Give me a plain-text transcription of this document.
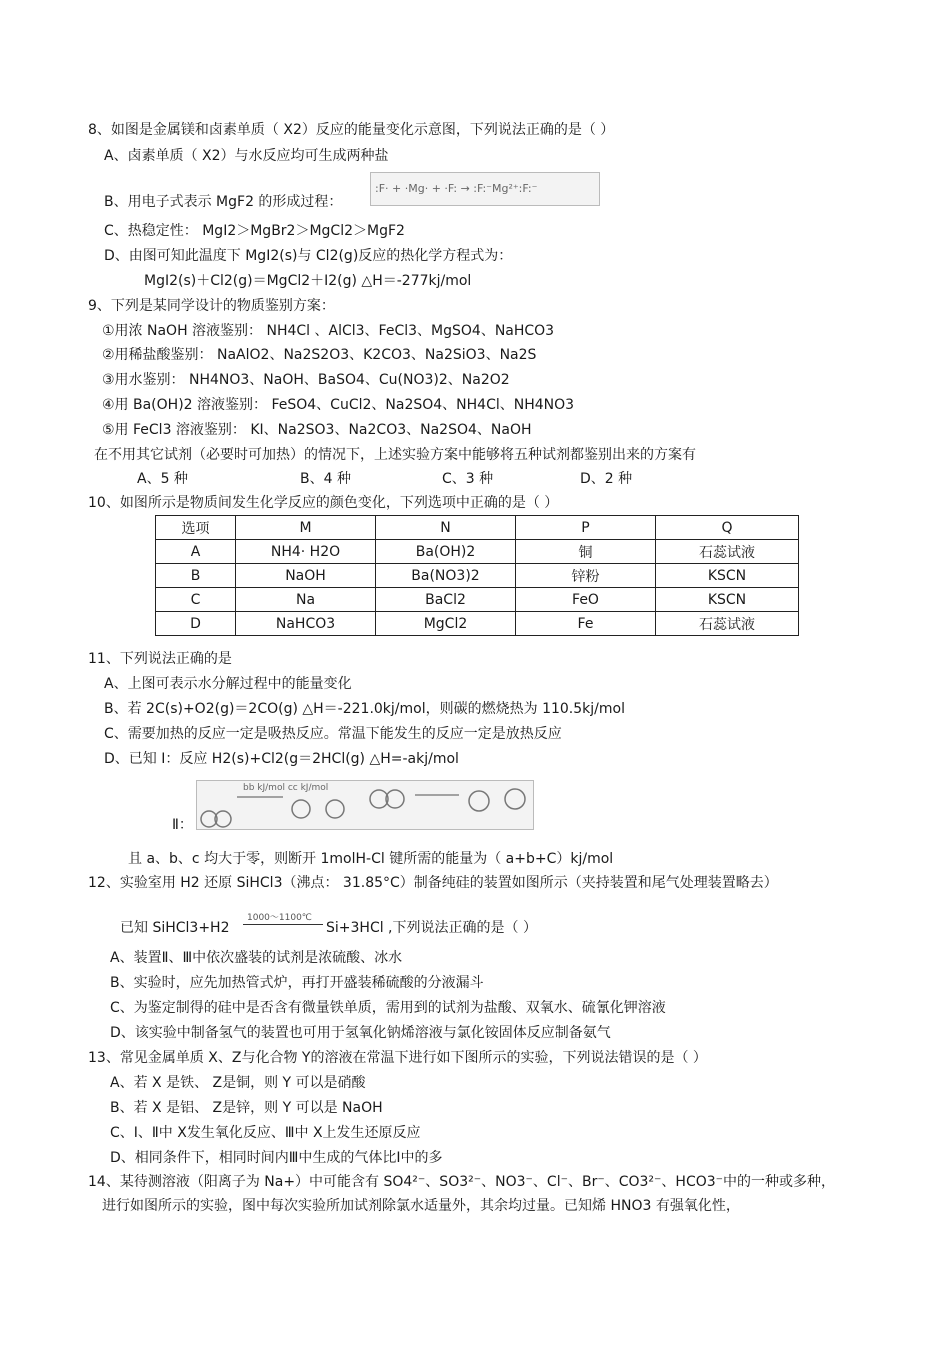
8、如图是金属镁和卤素单质（ X2）反应的能量变化示意图，下列说法正确的是（ ）
A、卤素单质（ X2）与水反应均可生成两种盐
B、用电子式表示 MgF2 的形成过程：
:F· + ·Mg· + ·F: → :F:⁻Mg²⁺:F:⁻
C、热稳定性： MgI2＞MgBr2＞MgCl2＞MgF2
D、由图可知此温度下 MgI2(s)与 Cl2(g)反应的热化学方程式为：
MgI2(s)＋Cl2(g)＝MgCl2＋I2(g) △H＝-277kj/mol
9、下列是某同学设计的物质鉴别方案：
①用浓 NaOH 溶液鉴别： NH4Cl 、AlCl3、FeCl3、MgSO4、NaHCO3
②用稀盐酸鉴别： NaAlO2、Na2S2O3、K2CO3、Na2SiO3、Na2S
③用水鉴别： NH4NO3、NaOH、BaSO4、Cu(NO3)2、Na2O2
④用 Ba(OH)2 溶液鉴别： FeSO4、CuCl2、Na2SO4、NH4Cl、NH4NO3
⑤用 FeCl3 溶液鉴别： KI、Na2SO3、Na2CO3、Na2SO4、NaOH
在不用其它试剂（必要时可加热）的情况下，上述实验方案中能够将五种试剂都鉴别出来的方案有
A、5 种	B、4 种	C、3 种	D、2 种
10、如图所示是物质间发生化学反应的颜色变化，下列选项中正确的是（ ）
选项	M	N	P	Q
A	NH4· H2O	Ba(OH)2	铜	石蕊试液
B	NaOH	Ba(NO3)2	锌粉	KSCN
C	Na	BaCl2	FeO	KSCN
D	NaHCO3	MgCl2	Fe	石蕊试液
11、下列说法正确的是
A、上图可表示水分解过程中的能量变化
B、若 2C(s)+O2(g)＝2CO(g) △H＝-221.0kj/mol，则碳的燃烧热为 110.5kj/mol
C、需要加热的反应一定是吸热反应。常温下能发生的反应一定是放热反应
D、已知 Ⅰ：反应 H2(s)+Cl2(g＝2HCl(g) △H=-akj/mol
Ⅱ：
bb kJ/mol cc kJ/mol
且 a、b、c 均大于零，则断开 1molH-Cl 键所需的能量为（ a+b+C）kj/mol
12、实验室用 H2 还原 SiHCl3（沸点： 31.85°C）制备纯硅的装置如图所示（夹持装置和尾气处理装置略去）
已知 SiHCl3+H2
1000～1100℃
Si+3HCl ,下列说法正确的是（ ）
A、装置Ⅱ、Ⅲ中依次盛装的试剂是浓硫酸、冰水
B、实验时，应先加热管式炉，再打开盛装稀硫酸的分液漏斗
C、为鉴定制得的硅中是否含有微量铁单质，需用到的试剂为盐酸、双氧水、硫氰化钾溶液
D、该实验中制备氢气的装置也可用于氢氧化钠烯溶液与氯化铵固体反应制备氨气
13、常见金属单质 X、Z与化合物 Y的溶液在常温下进行如下图所示的实验，下列说法错误的是（ ）
A、若 X 是铁、 Z是铜，则 Y 可以是硝酸
B、若 X 是铝、 Z是锌，则 Y 可以是 NaOH
C、Ⅰ、Ⅱ中 X发生氧化反应、Ⅲ中 X上发生还原反应
D、相同条件下，相同时间内Ⅲ中生成的气体比Ⅰ中的多
14、某待测溶液（阳离子为 Na+）中可能含有 SO4²⁻、SO3²⁻、NO3⁻、Cl⁻、Br⁻、CO3²⁻、HCO3⁻中的一种或多种，
进行如图所示的实验，图中每次实验所加试剂除氯水适量外，其余均过量。已知烯 HNO3 有强氧化性，
